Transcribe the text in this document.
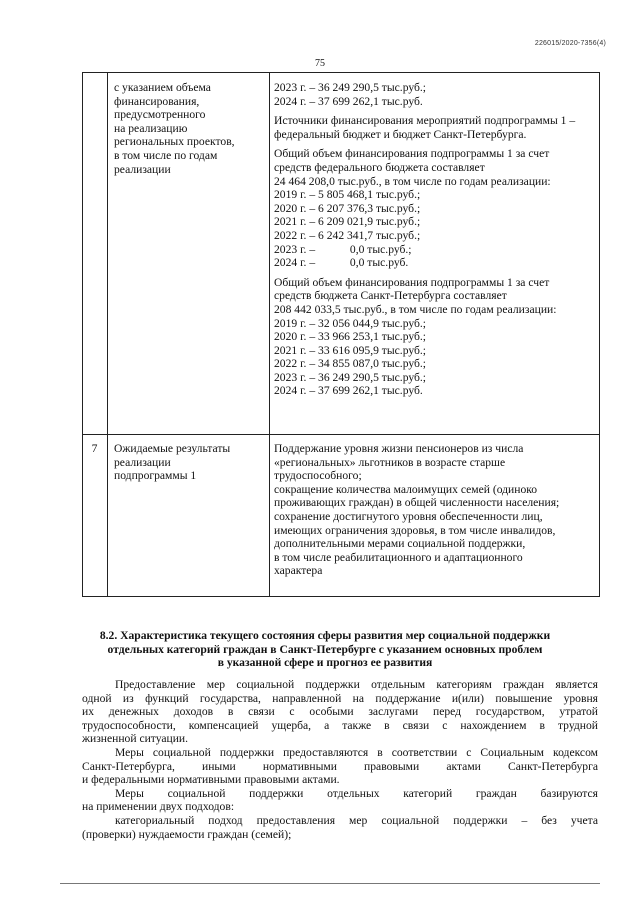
226015/2020-7356(4)
75
с указанием объема
финансирования,
предусмотренного
на реализацию
региональных проектов,
в том числе по годам
реализации
2023 г. – 36 249 290,5 тыс.руб.;
2024 г. – 37 699 262,1 тыс.руб.
Источники финансирования мероприятий подпрограммы 1 –
федеральный бюджет и бюджет Санкт-Петербурга.
Общий объем финансирования подпрограммы 1 за счет
средств федерального бюджета составляет
24 464 208,0 тыс.руб., в том числе по годам реализации:
2019 г. – 5 805 468,1 тыс.руб.;
2020 г. – 6 207 376,3 тыс.руб.;
2021 г. – 6 209 021,9 тыс.руб.;
2022 г. – 6 242 341,7 тыс.руб.;
2023 г. –            0,0 тыс.руб.;
2024 г. –            0,0 тыс.руб.
Общий объем финансирования подпрограммы 1 за счет
средств бюджета Санкт-Петербурга составляет
208 442 033,5 тыс.руб., в том числе по годам реализации:
2019 г. – 32 056 044,9 тыс.руб.;
2020 г. – 33 966 253,1 тыс.руб.;
2021 г. – 33 616 095,9 тыс.руб.;
2022 г. – 34 855 087,0 тыс.руб.;
2023 г. – 36 249 290,5 тыс.руб.;
2024 г. – 37 699 262,1 тыс.руб.
7	Ожидаемые результаты
реализации
подпрограммы 1
Поддержание уровня жизни пенсионеров из числа
«региональных» льготников в возрасте старше
трудоспособного;
сокращение количества малоимущих семей (одиноко
проживающих граждан) в общей численности населения;
сохранение достигнутого уровня обеспеченности лиц,
имеющих ограничения здоровья, в том числе инвалидов,
дополнительными мерами социальной поддержки,
в том числе реабилитационного и адаптационного
характера
8.2. Характеристика текущего состояния сферы развития мер социальной поддержки
отдельных категорий граждан в Санкт-Петербурге с указанием основных проблем
в указанной сфере и прогноз ее развития
Предоставление мер социальной поддержки отдельным категориям граждан является
одной из функций государства, направленной на поддержание и(или) повышение уровня
их денежных доходов в связи с особыми заслугами перед государством, утратой
трудоспособности, компенсацией ущерба, а также в связи с нахождением в трудной
жизненной ситуации.
Меры социальной поддержки предоставляются в соответствии с Социальным кодексом
Санкт-Петербурга, иными нормативными правовыми актами Санкт-Петербурга
и федеральными нормативными правовыми актами.
Меры социальной поддержки отдельных категорий граждан базируются
на применении двух подходов:
категориальный подход предоставления мер социальной поддержки – без учета
(проверки) нуждаемости граждан (семей);
